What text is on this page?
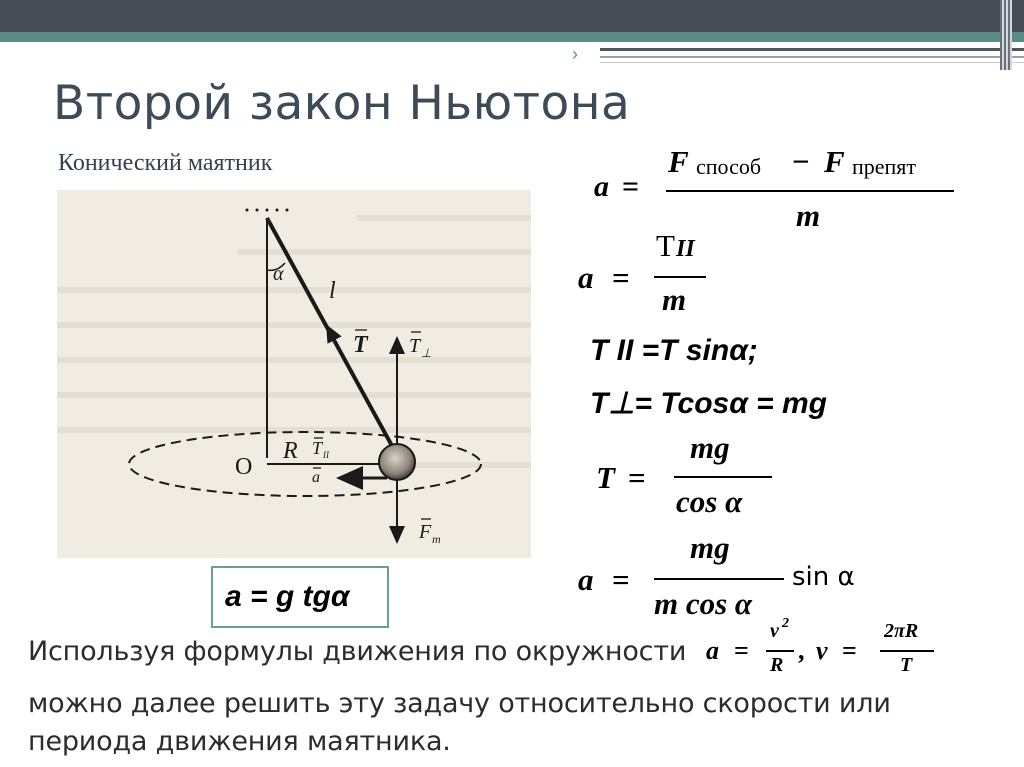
›
Второй закон Ньютона
Конический маятник
α
l
T T ⊥
R
O
T II
a
F т
a =
F способ − F препят
m
a =
T II
m
T II =T sinα;
T⊥= Tcosα = mg
T =
mg
cos α
a =
mg
m cos α
sin α
a = g tgα
Используя формулы движения по окружности a =
v 2
R , v =
2πR
T
можно далее решить эту задачу относительно скорости или
периода движения маятника.
